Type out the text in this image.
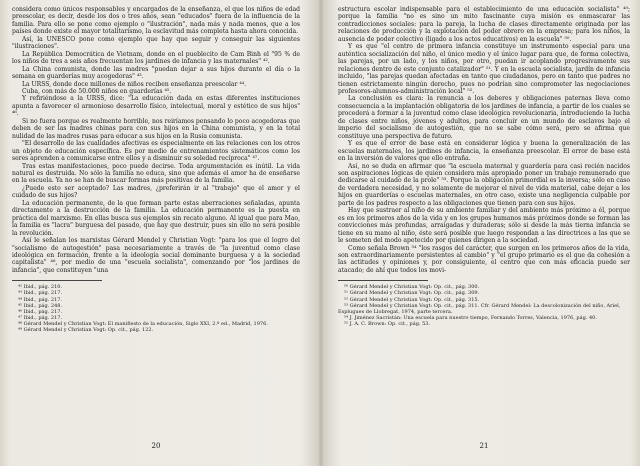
considera como únicos responsables y encargados de la enseñanza, el que los niños de edad preescolar, es decir, desde los dos o tres años, sean "educados" fuera de la influencia de la familia. Para ello se pone como ejemplo o "ilustración", nada más y nada menos, que a los países donde existe el mayor totalitarismo, la esclavitud más completa hasta ahora conocida.

Así, la UNESCO pone como ejemplo que hay que seguir y conseguir las siguientes "ilustraciones".

La República Democrática de Vietnam, donde en el pueblecito de Cam Binh el "95 % de los niños de tres a seis años frecuentan los jardines de infancia y las maternales" ⁴².

La China comunista, donde las madres "puedan dejar a sus hijos durante el día o la semana en guarderías muy acogedoras" ⁴³.

La URSS, donde doce millones de niños reciben enseñanza preescolar ⁴⁴.

Cuba, con más de 50.000 niños en guarderías ⁴⁵.

Y refiriéndose a la URSS, dice: "La educación dada en estas diferentes instituciones apunta a favorecer el armonioso desarrollo físico, intelectual, moral y estético de sus hijos" ⁴⁶.

Si no fuera porque es realmente horrible, nos reiríamos pensando lo poco acogedoras que deben de ser las madres chinas para con sus hijos en la China comunista, y en la total nulidad de las madres rusas para educar a sus hijos en la Rusia comunista.

"El desarrollo de las cualidades afectivas es especialmente en las relaciones con los otros un objeto de educación específica. Es por medio de entrenamientos sistemáticos como los seres aprenden a comunicarse entre ellos y a disminuir su soledad recíproca" ⁴⁷.

Tras estas manifestaciones, poco puede decirse. Toda argumentación es inútil. La vida natural es destruida. No sólo la familia no educa, sino que además el amor ha de enseñarse en la escuela. Ya no se han de buscar formas más positivas de la familia.

¿Puede esto ser aceptado? Las madres, ¿preferirán ir al "trabajo" que el amor y el cuidado de sus hijos?

La educación permanente, de la que forman parte estas aberraciones señaladas, apunta directamente a la destrucción de la familia. La educación permanente es la puesta en práctica del marxismo. En ellas busca sus ejemplos sin recato alguno. Al igual que para Mao, la familia es "lacra" burguesa del pasado, que hay que destruir, pues sin ello no será posible la revolución.

Así le señalan los marxistas Gérard Mendel y Christian Vogt: "para los que el logro del "socialismo de autogestión" pasa necesariamente a través de "la juventud como clase ideológica en formación, frente a la ideología social dominante burguesa y a la sociedad capitalista" ⁴⁸, por medio de una "escuela socialista", comenzando por "los jardines de infancia", que constituyen "una

⁴² Ibid., pág. 210.
⁴³ Ibid., pág. 217.
⁴⁴ Ibid., pág. 217.
⁴⁵ Ibid., pág. 248.
⁴⁶ Ibid., pág. 217.
⁴⁷ Ibid., pág. 217.
⁴⁸ Gérard Mendel y Christian Vogt: El manifiesto de la educación, Siglo XXI, 2.º ed., Madrid, 1976.
⁴⁹ Gérard Mendel y Christian Vogt: Op. cit., pág. 122.
20

estructura escolar indispensable para el establecimiento de una educación socialista" ⁴⁹; porque la familia "no es sino un mito fascinante cuya misión es enmascarar las contradicciones sociales: para la pareja, la lucha de clases directamente originada por las relaciones de producción y la explotación del poder obrero en la empresa; para los niños, la ausencia de poder colectivo (ligado a los actos educativos) en la escuela" ⁵⁰.

Y es que "el centro de primera infancia constituye un instrumento especial para una auténtica socialización del niño, el único medio y el único lugar para que, de forma colectiva, las parejas, por un lado, y los niños, por otro, puedan ir acoplando progresivamente sus relaciones dentro de este conjunto catalizador" ⁵¹. Y en la escuela socialista, jardín de infancia incluido, "las parejas quedan afectadas en tanto que ciudadanos, pero en tanto que padres no tienen estrictamente ningún derecho, pues no podrían sino comprometer las negociaciones profesores-alumnos-administración local" ⁵².

La conclusión es clara: la renuncia a los deberes y obligaciones paternas lleva como consecuencia a la implantación obligatoria de los jardines de infancia, a partir de los cuales se procederá a formar a la juventud como clase ideológica revolucionaria, introduciendo la lucha de clases entre niños, jóvenes y adultos, para concluir en un mundo de esclavos bajo el imperio del socialismo de autogestión, que no se sabe cómo será, pero se afirma que constituye una perspectiva de futuro.

Y es que el error de base está en considerar lógica y buena la generalización de las escuelas maternales, los jardines de infancia, la enseñanza preescolar. El error de base está en la inversión de valores que ello entraña.

Así, no se duda en afirmar que "la escuela maternal y guardería para casi recién nacidos son aspiraciones lógicas de quien considera más apropiado poner un trabajo remunerado que dedicarse al cuidado de la prole" ⁵³. Porque la obligación primordial es la inversa; sólo en caso de verdadera necesidad, y no solamente de mejorar el nivel de vida material, cabe dejar a los hijos en guarderías o escuelas maternales, en otro caso, existe una negligencia culpable por parte de los padres respecto a las obligaciones que tienen para con sus hijos.

Hay que sustraer al niño de su ambiente familiar y del ambiente más próximo a él, porque es en los primeros años de la vida y en los grupos humanos más próximos donde se forman las convicciones más profundas, arraigadas y duraderas; sólo si desde la más tierna infancia se tiene en su mano al niño, éste será posible que luego respondan a las directrices a las que se le someten del modo apetecido por quienes dirigen a la sociedad.

Como señala Brown ⁵⁴ "los rasgos del carácter, que surgen en los primeros años de la vida, son extraordinariamente persistentes al cambio" y "el grupo primario es el que da cohesión a las actitudes y opiniones y, por consiguiente, el centro que con más eficacia puede ser atacado; de ahí que todos los movi-

⁵⁰ Gérard Mendel y Christian Vogt: Op. cit., pág. 300.
⁵¹ Gérard Mendel y Christian Vogt: Op. cit., pág. 309.
⁵² Gérard Mendel y Christian Vogt: Op. cit., pág. 315.
⁵³ Gérard Mendel y Christian Vogt: Op. cit., pág. 311. Cfr. Gérard Mendel: La descolonización del niño, Ariel, Esplugues de Llobregat, 1974, parte tercera.
⁵⁴ J. Jiménez Sacristán: Una escuela para nuestro tiempo, Fernando Torres, Valencia, 1976, pág. 40.
⁵⁵ J. A. C. Brown: Op. cit., pág. 53.
21
